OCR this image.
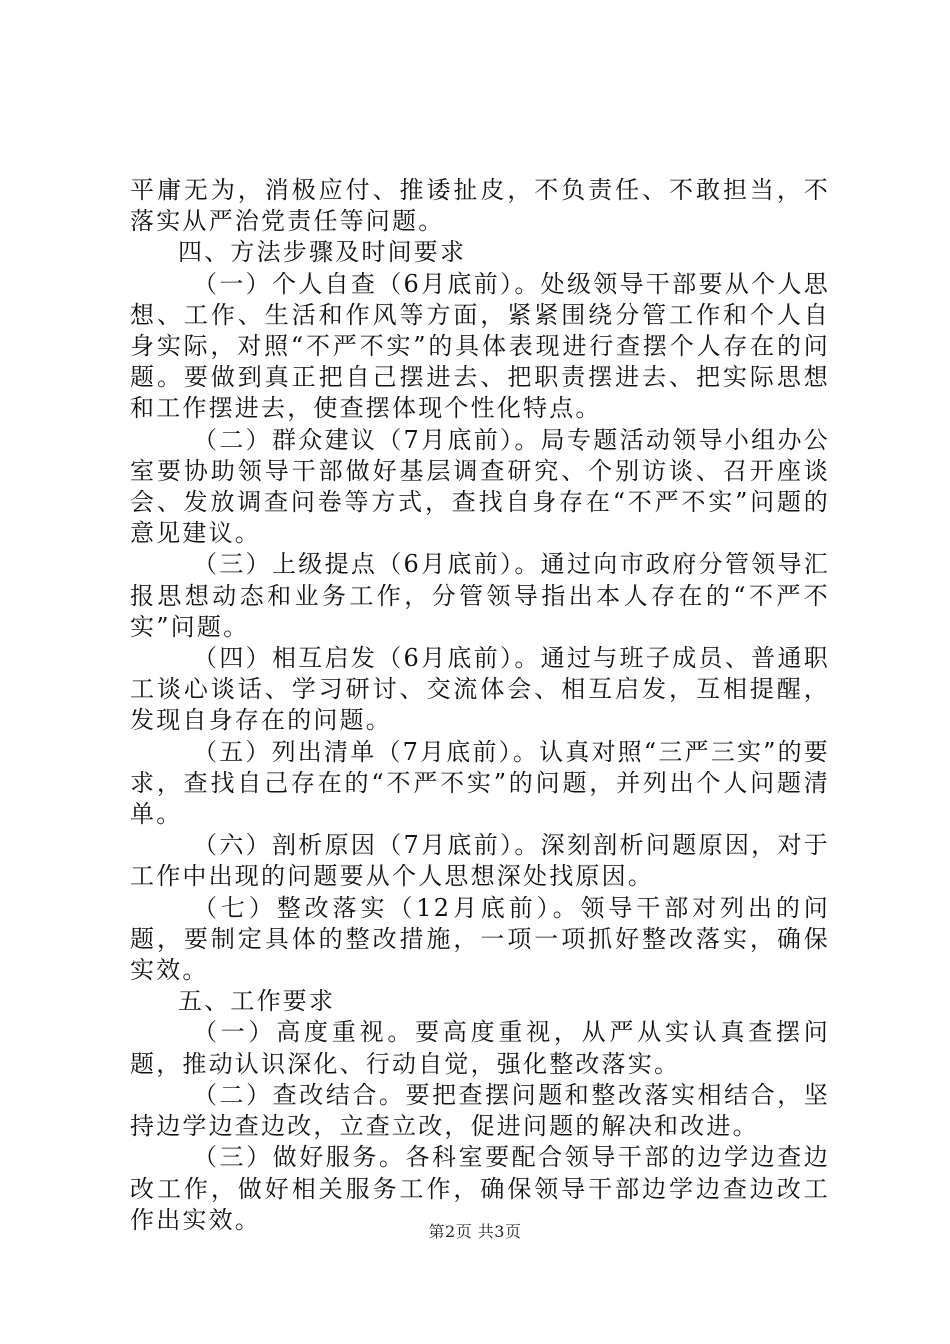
平庸无为，消极应付、推诿扯皮，不负责任、不敢担当，不落实从严治党责任等问题。

四、方法步骤及时间要求

（一）个人自查（6月底前）。处级领导干部要从个人思想、工作、生活和作风等方面，紧紧围绕分管工作和个人自身实际，对照“不严不实”的具体表现进行查摆个人存在的问题。要做到真正把自己摆进去、把职责摆进去、把实际思想和工作摆进去，使查摆体现个性化特点。

（二）群众建议（7月底前）。局专题活动领导小组办公室要协助领导干部做好基层调查研究、个别访谈、召开座谈会、发放调查问卷等方式，查找自身存在“不严不实”问题的意见建议。

（三）上级提点（6月底前）。通过向市政府分管领导汇报思想动态和业务工作，分管领导指出本人存在的“不严不实”问题。

（四）相互启发（6月底前）。通过与班子成员、普通职工谈心谈话、学习研讨、交流体会、相互启发，互相提醒，发现自身存在的问题。

（五）列出清单（7月底前）。认真对照“三严三实”的要求，查找自己存在的“不严不实”的问题，并列出个人问题清单。

（六）剖析原因（7月底前）。深刻剖析问题原因，对于工作中出现的问题要从个人思想深处找原因。

（七）整改落实（12月底前）。领导干部对列出的问题，要制定具体的整改措施，一项一项抓好整改落实，确保实效。

五、工作要求

（一）高度重视。要高度重视，从严从实认真查摆问题，推动认识深化、行动自觉，强化整改落实。

（二）查改结合。要把查摆问题和整改落实相结合，坚持边学边查边改，立查立改，促进问题的解决和改进。

（三）做好服务。各科室要配合领导干部的边学边查边改工作，做好相关服务工作，确保领导干部边学边查边改工作出实效。	第2页 共3页
